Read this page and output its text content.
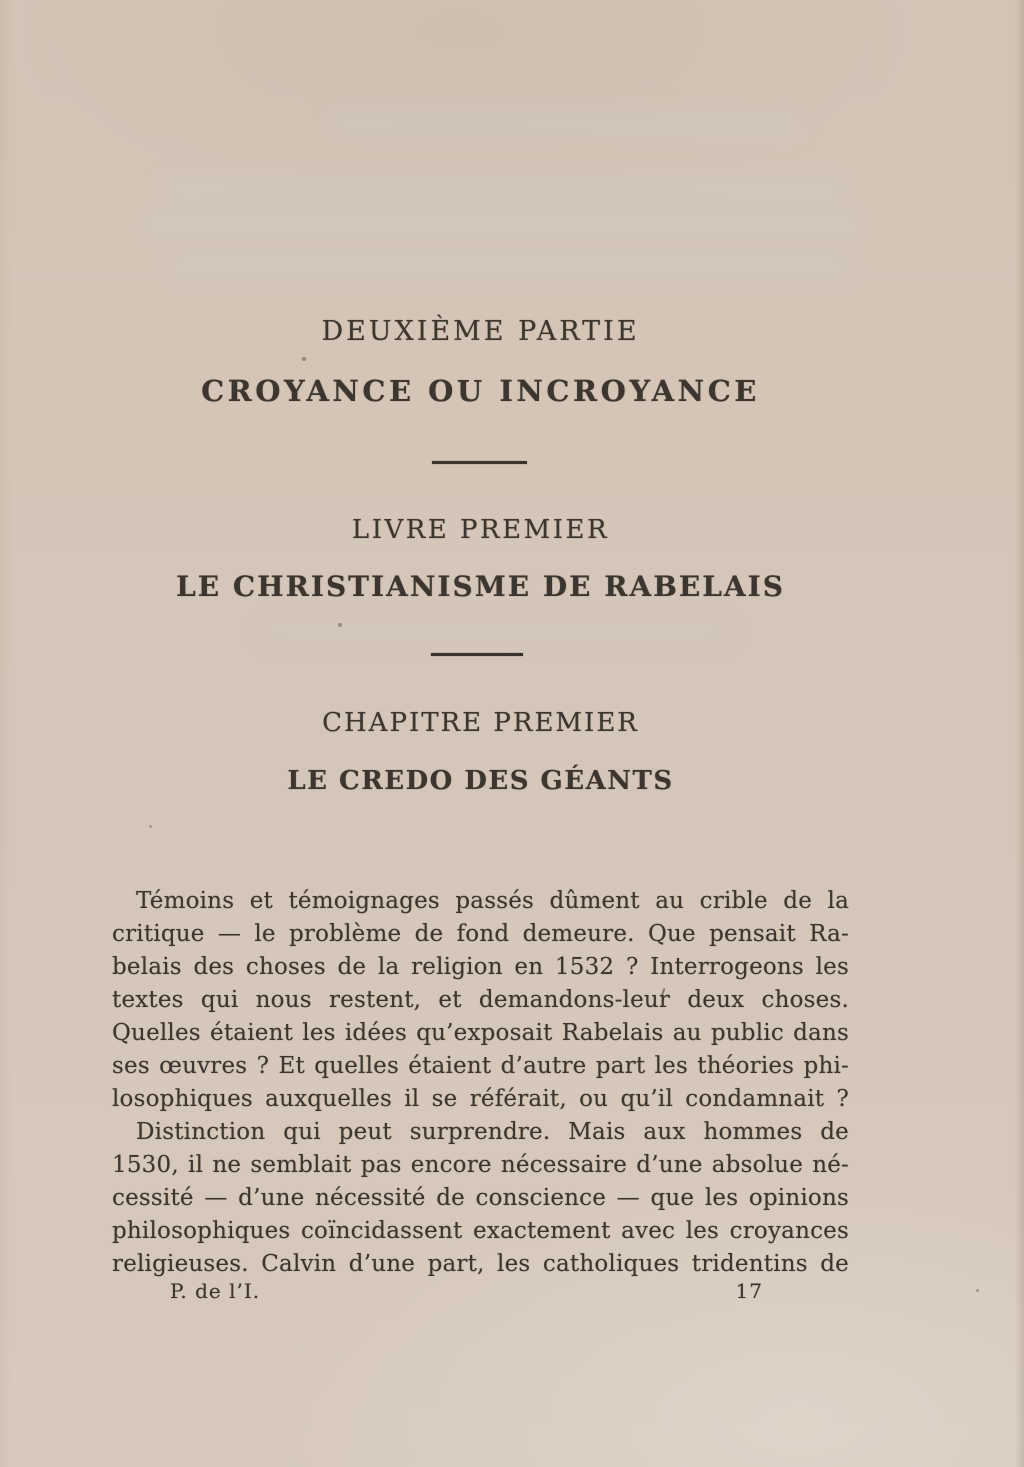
DEUXIÈME PARTIE
CROYANCE OU INCROYANCE
LIVRE PREMIER
LE CHRISTIANISME DE RABELAIS
CHAPITRE PREMIER
LE CREDO DES GÉANTS

Témoins et témoignages passés dûment au crible de la

critique — le problème de fond demeure. Que pensait Ra-

belais des choses de la religion en 1532 ? Interrogeons les

textes qui nous restent, et demandons-leur deux choses.

Quelles étaient les idées qu’exposait Rabelais au public dans

ses œuvres ? Et quelles étaient d’autre part les théories phi-

losophiques auxquelles il se référait, ou qu’il condamnait ?

Distinction qui peut surprendre. Mais aux hommes de

1530, il ne semblait pas encore nécessaire d’une absolue né-

cessité — d’une nécessité de conscience — que les opinions

philosophiques coïncidassent exactement avec les croyances

religieuses. Calvin d’une part, les catholiques tridentins de

P. de l’I.	17
